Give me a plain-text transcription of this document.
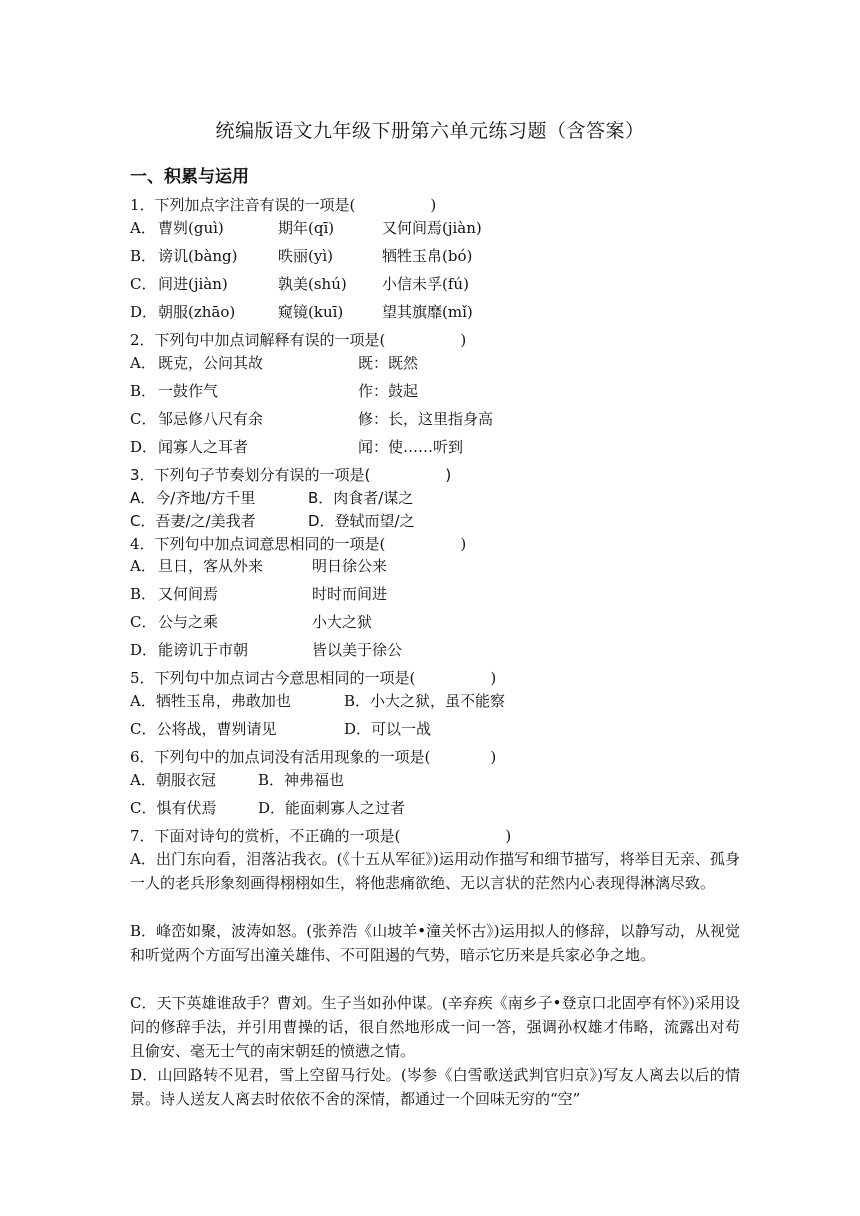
统编版语文九年级下册第六单元练习题（含答案）
一、积累与运用
1．下列加点字注音有误的一项是(　　　　　)
A． 曹刿(guì)	期年(qī)	又何间焉(jiàn)
B． 谤讥(bàng)	昳丽(yì)	牺牲玉帛(bó)
C． 间进(jiàn)	孰美(shú) 小信未孚(fú)
D． 朝服(zhāo)	窥镜(kuī)	望其旗靡(mǐ)
2．下列句中加点词解释有误的一项是(　　　　　)
A． 既克，公问其故	既：既然
B． 一鼓作气	作：鼓起
C． 邹忌修八尺有余	修：长，这里指身高
D． 闻寡人之耳者	闻：使……听到
3．下列句子节奏划分有误的一项是(　　　　　)
A．今/齐地/方千里	B．肉食者/谋之
C．吾妻/之/美我者	D．登轼而望/之
4．下列句中加点词意思相同的一项是(　　　　　)
A． 旦日，客从外来	明日徐公来
B． 又何间焉	时时而间进
C． 公与之乘	小大之狱
D． 能谤讥于市朝	皆以美于徐公
5．下列句中加点词古今意思相同的一项是(　　　　　)
A．牺牲玉帛，弗敢加也	B．小大之狱，虽不能察
C．公将战，曹刿请见	D．可以一战
6．下列句中的加点词没有活用现象的一项是(　　　　)
A．朝服衣冠	B．神弗福也
C．惧有伏焉	D．能面刺寡人之过者
7．下面对诗句的赏析，不正确的一项是(　　　　　　　)
A．出门东向看，泪落沾我衣。(《十五从军征》)运用动作描写和细节描写，将举目无亲、孤身一人的老兵形象刻画得栩栩如生，将他悲痛欲绝、无以言状的茫然内心表现得淋漓尽致。
B．峰峦如聚，波涛如怒。(张养浩《山坡羊•潼关怀古》)运用拟人的修辞，以静写动，从视觉和听觉两个方面写出潼关雄伟、不可阻遏的气势，暗示它历来是兵家必争之地。
C．天下英雄谁敌手？曹刘。生子当如孙仲谋。(辛弃疾《南乡子•登京口北固亭有怀》)采用设问的修辞手法，并引用曹操的话，很自然地形成一问一答，强调孙权雄才伟略，流露出对苟且偷安、毫无士气的南宋朝廷的愤懑之情。
D．山回路转不见君，雪上空留马行处。(岑参《白雪歌送武判官归京》)写友人离去以后的情景。诗人送友人离去时依依不舍的深情，都通过一个回味无穷的“空”
